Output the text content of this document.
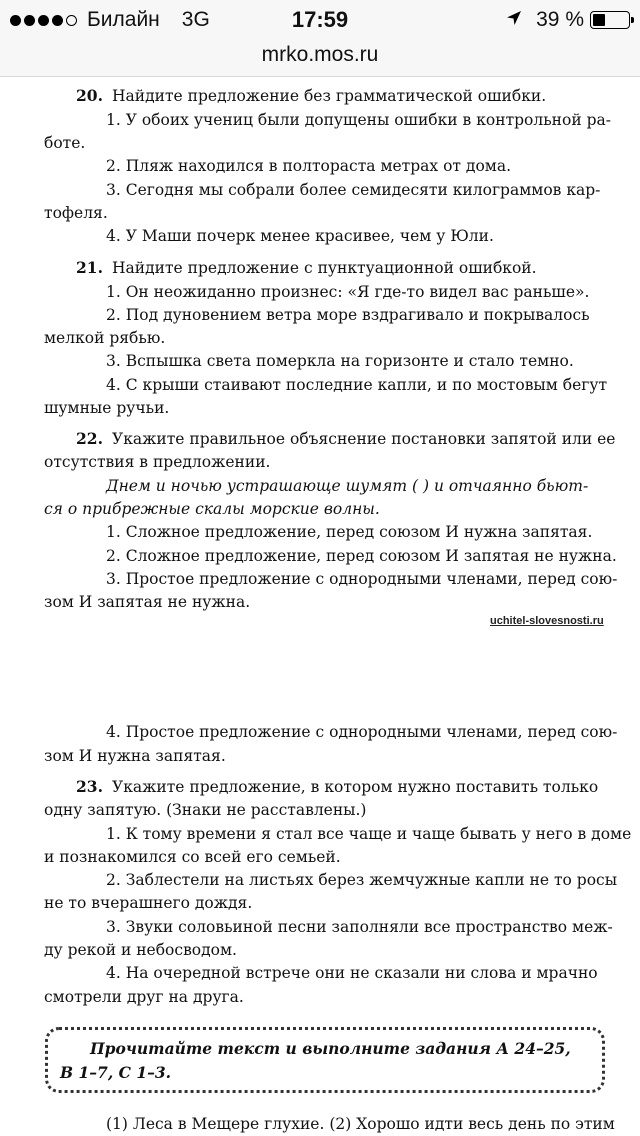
Билайн 3G	17:59	39 %
mrko.mos.ru

20. Найдите предложение без грамматической ошибки.

1. У обоих учениц были допущены ошибки в контрольной ра-

боте.

2. Пляж находился в полтораста метрах от дома.

3. Сегодня мы собрали более семидесяти килограммов кар-

тофеля.

4. У Маши почерк менее красивее, чем у Юли.

21. Найдите предложение с пунктуационной ошибкой.

1. Он неожиданно произнес: «Я где-то видел вас раньше».

2. Под дуновением ветра море вздрагивало и покрывалось

мелкой рябью.

3. Вспышка света померкла на горизонте и стало темно.

4. С крыши стаивают последние капли, и по мостовым бегут

шумные ручьи.

22. Укажите правильное объяснение постановки запятой или ее

отсутствия в предложении.

Днем и ночью устрашающе шумят ( ) и отчаянно бьют-

ся о прибрежные скалы морские волны.

1. Сложное предложение, перед союзом И нужна запятая.

2. Сложное предложение, перед союзом И запятая не нужна.

3. Простое предложение с однородными членами, перед сою-

зом И запятая не нужна.

uchitel-slovesnosti.ru

4. Простое предложение с однородными членами, перед сою-

зом И нужна запятая.

23. Укажите предложение, в котором нужно поставить только

одну запятую. (Знаки не расставлены.)

1. К тому времени я стал все чаще и чаще бывать у него в доме

и познакомился со всей его семьей.

2. Заблестели на листьях берез жемчужные капли не то росы

не то вчерашнего дождя.

3. Звуки соловьиной песни заполняли все пространство меж-

ду рекой и небосводом.

4. На очередной встрече они не сказали ни слова и мрачно

смотрели друг на друга.

Прочитайте текст и выполните задания А 24–25,

В 1–7, С 1–3.

(1) Леса в Мещере глухие. (2) Хорошо идти весь день по этим
